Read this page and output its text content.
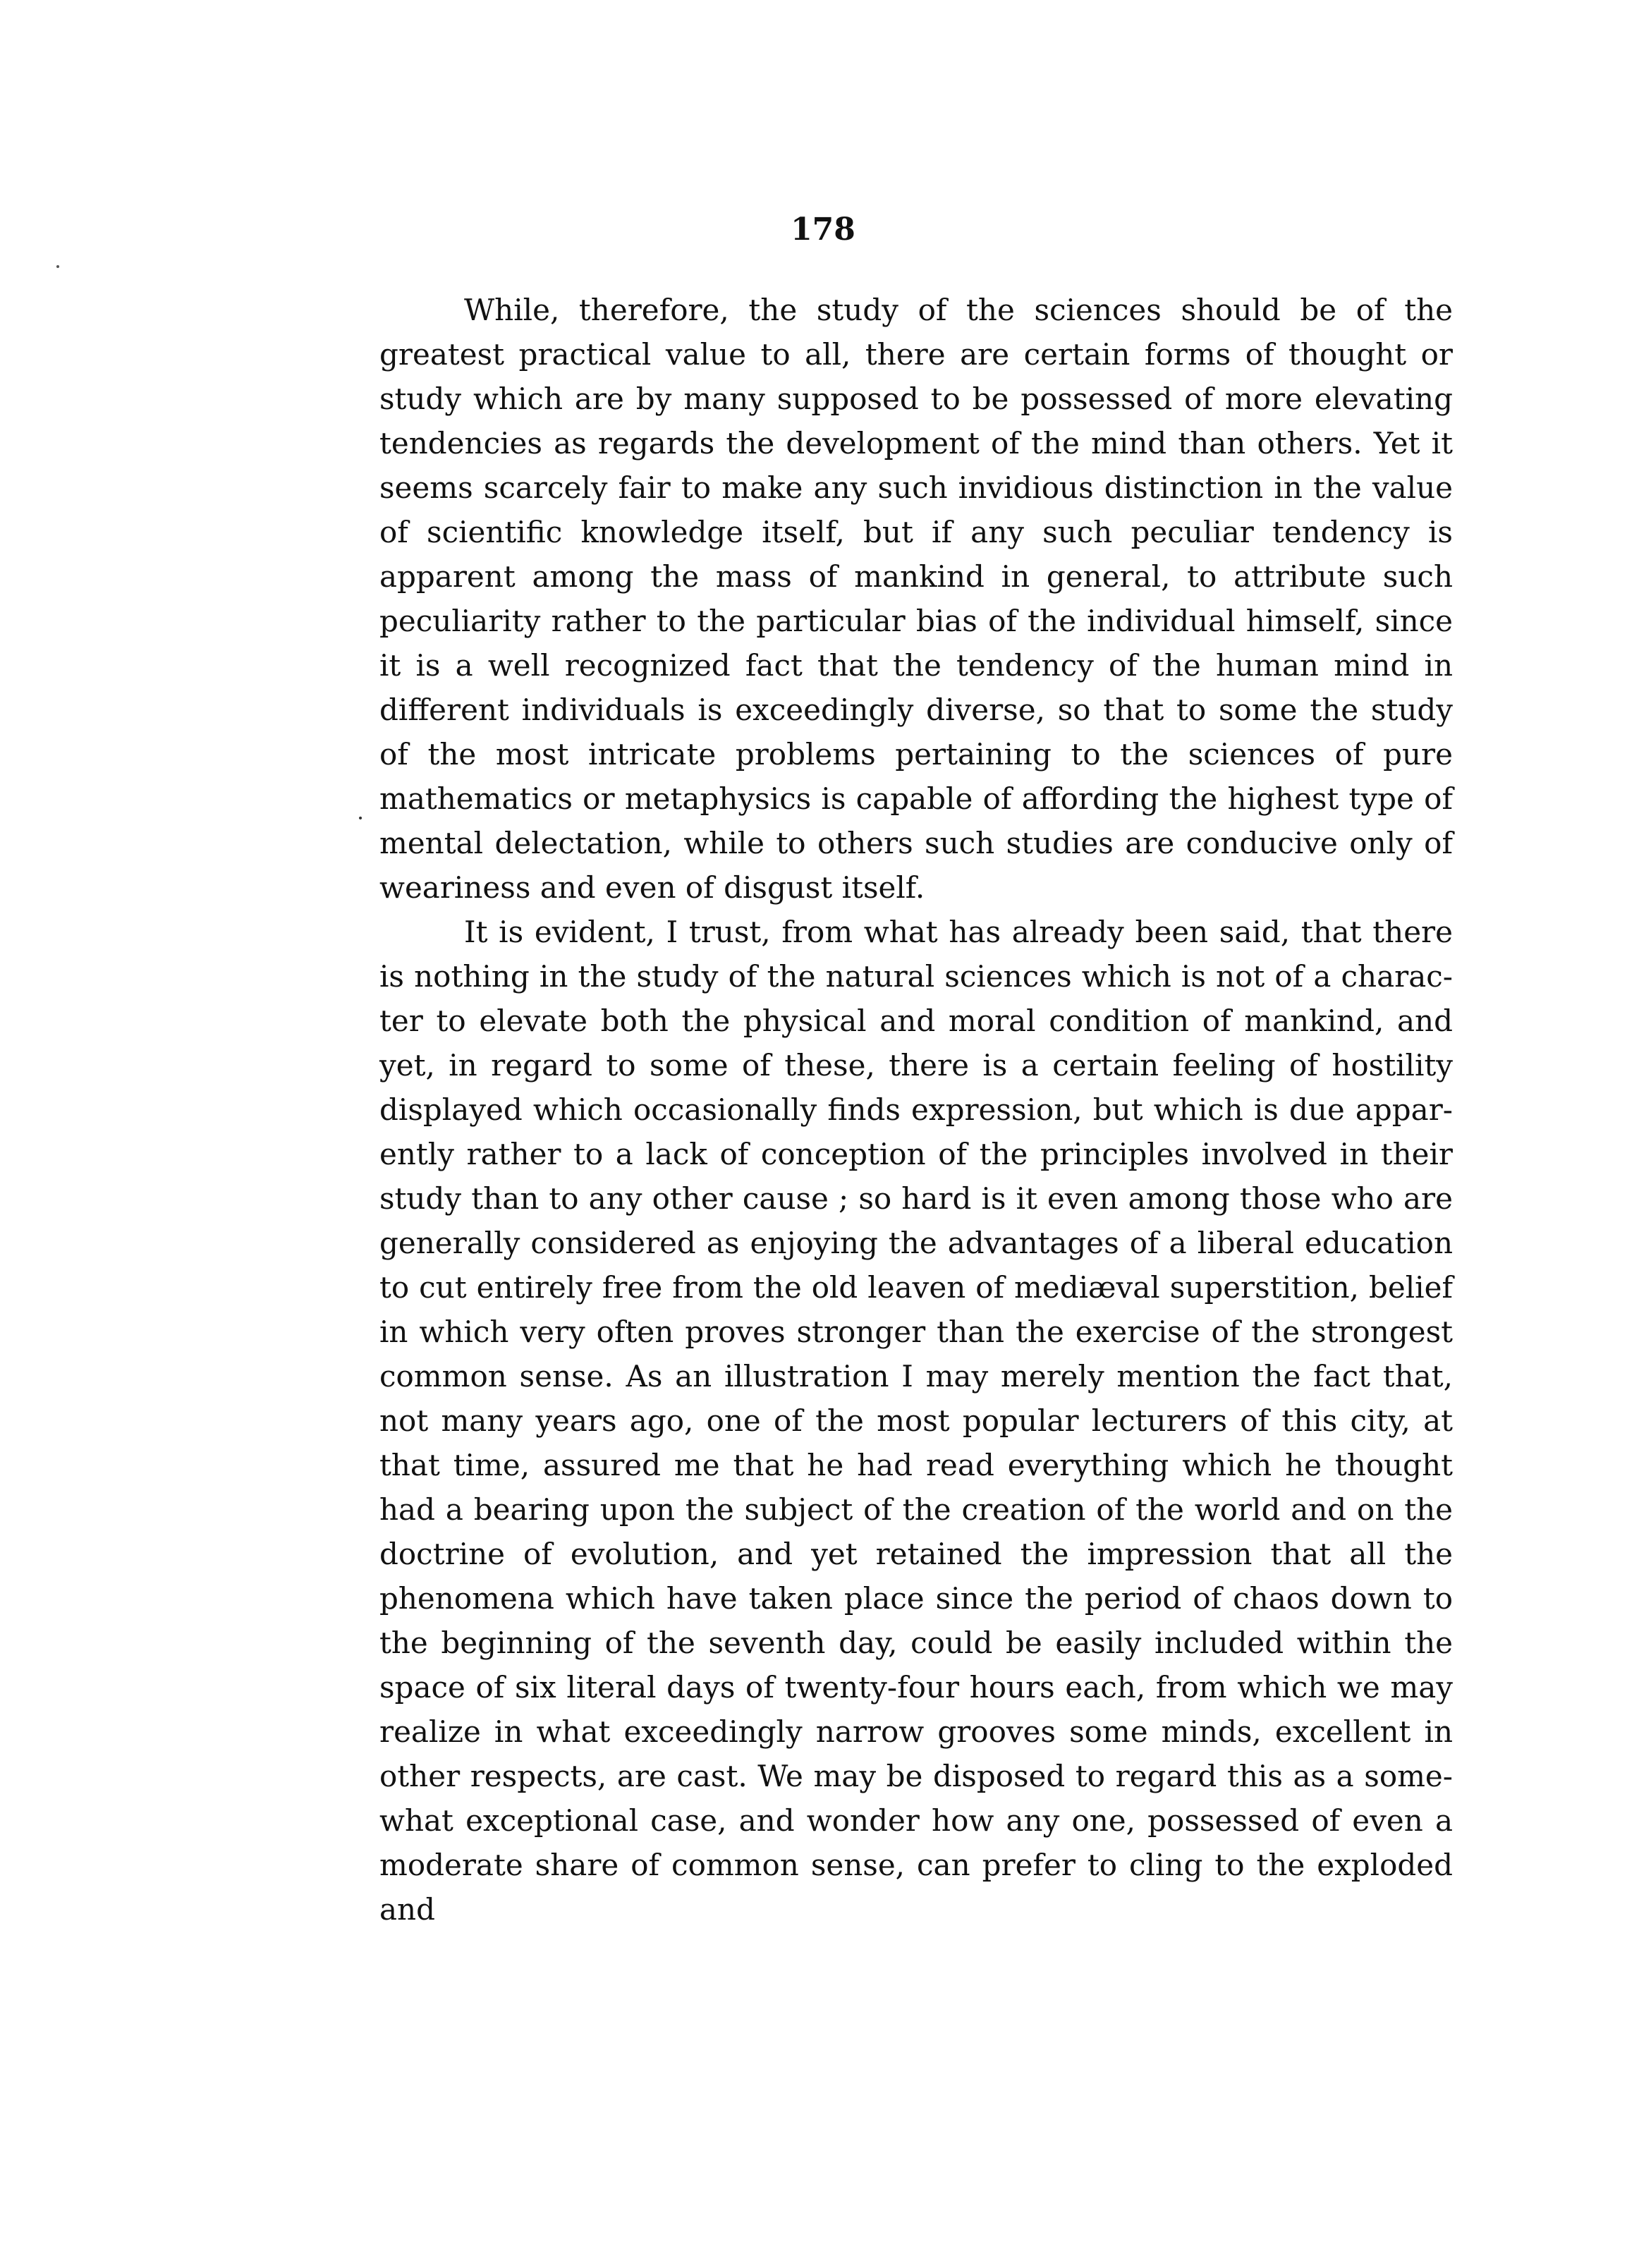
178
·

While, therefore, the study of the sciences should be of the greatest practical value to all, there are certain forms of thought or study which are by many supposed to be possessed of more elevating tendencies as regards the development of the mind than others. Yet it seems scarcely fair to make any such invidious distinction in the value of scientific knowledge itself, but if any such peculiar tendency is apparent among the mass of mankind in general, to attribute such peculiarity rather to the particular bias of the individual himself, since it is a well recognized fact that the tendency of the human mind in different individuals is exceedingly diverse, so that to some the study of the most intricate problems pertaining to the sciences of pure mathematics or metaphysics is capable of affording the highest type of mental delectation, while to others such studies are conducive only of weariness and even of disgust itself.

It is evident, I trust, from what has already been said, that there is nothing in the study of the natural sciences which is not of a character to elevate both the physical and moral condition of mankind, and yet, in regard to some of these, there is a certain feeling of hostility displayed which occasionally finds expression, but which is due apparently rather to a lack of conception of the principles involved in their study than to any other cause ; so hard is it even among those who are generally considered as enjoying the advantages of a liberal education to cut entirely free from the old leaven of mediæval superstition, belief in which very often proves stronger than the exercise of the strongest common sense. As an illustration I may merely mention the fact that, not many years ago, one of the most popular lecturers of this city, at that time, assured me that he had read everything which he thought had a bearing upon the subject of the creation of the world and on the doctrine of evolution, and yet retained the impression that all the phenomena which have taken place since the period of chaos down to the beginning of the seventh day, could be easily included within the space of six literal days of twenty-four hours each, from which we may realize in what exceedingly narrow grooves some minds, excellent in other respects, are cast. We may be disposed to regard this as a somewhat exceptional case, and wonder how any one, possessed of even a moderate share of common sense, can prefer to cling to the exploded and
